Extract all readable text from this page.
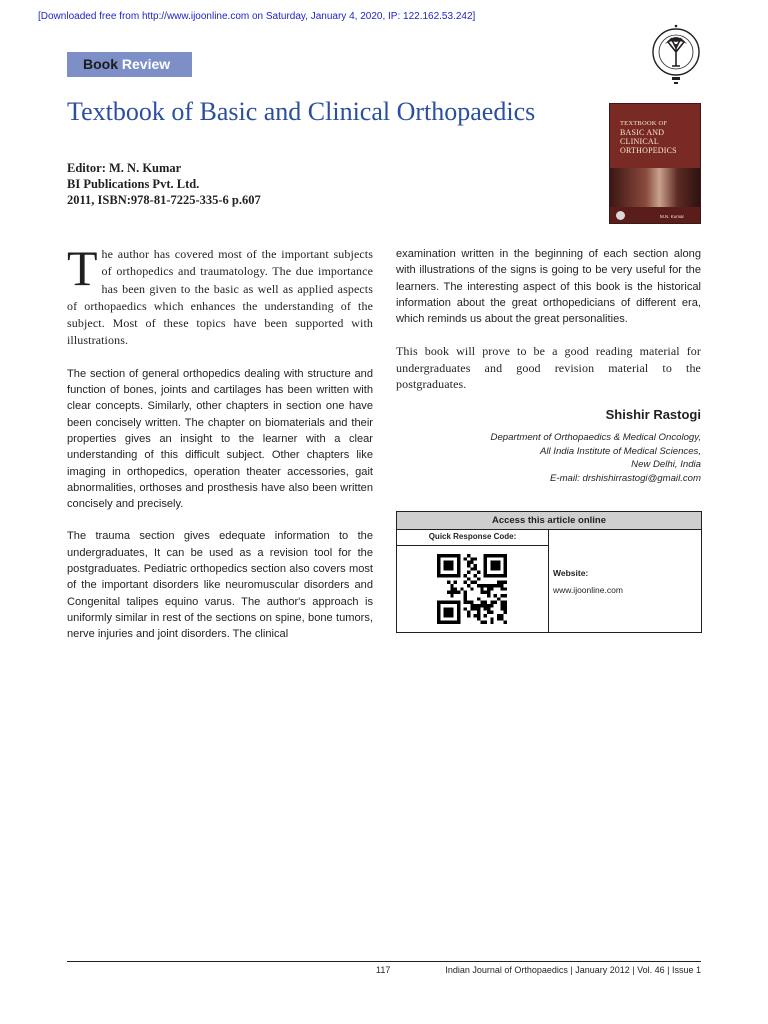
[Downloaded free from http://www.ijoonline.com on Saturday, January 4, 2020, IP: 122.162.53.242]
Book Review
Textbook of Basic and Clinical Orthopaedics
Editor: M. N. Kumar
BI Publications Pvt. Ltd.
2011, ISBN:978-81-7225-335-6 p.607
TEXTBOOK OF
BASIC AND CLINICAL
ORTHOPEDICS
M.N. Kumar

The author has covered most of the important subjects of orthopedics and traumatology. The due importance has been given to the basic as well as applied aspects of orthopaedics which enhances the understanding of the subject. Most of these topics have been supported with illustrations.

The section of general orthopedics dealing with structure and function of bones, joints and cartilages has been written with clear concepts. Similarly, other chapters in section one have been concisely written. The chapter on biomaterials and their properties gives an insight to the learner with a clear understanding of this difficult subject. Other chapters like imaging in orthopedics, operation theater accessories, gait abnormalities, orthoses and prosthesis have also been written concisely and precisely.

The trauma section gives edequate information to the undergraduates, It can be used as a revision tool for the postgraduates. Pediatric orthopedics section also covers most of the important disorders like neuromuscular disorders and Congenital talipes equino varus. The author's approach is uniformly similar in rest of the sections on spine, bone tumors, nerve injuries and joint disorders. The clinical

examination written in the beginning of each section along with illustrations of the signs is going to be very useful for the learners. The interesting aspect of this book is the historical information about the great orthopedicians of different era, which reminds us about the great personalities.

This book will prove to be a good reading material for undergraduates and good revision material to the postgraduates.

Shishir Rastogi
Department of Orthopaedics & Medical Oncology,
All India Institute of Medical Sciences,
New Delhi, India
E-mail: drshishirrastogi@gmail.com
Access this article online
Quick Response Code:
Website:
www.ijoonline.com
117	Indian Journal of Orthopaedics | January 2012 | Vol. 46 | Issue 1
